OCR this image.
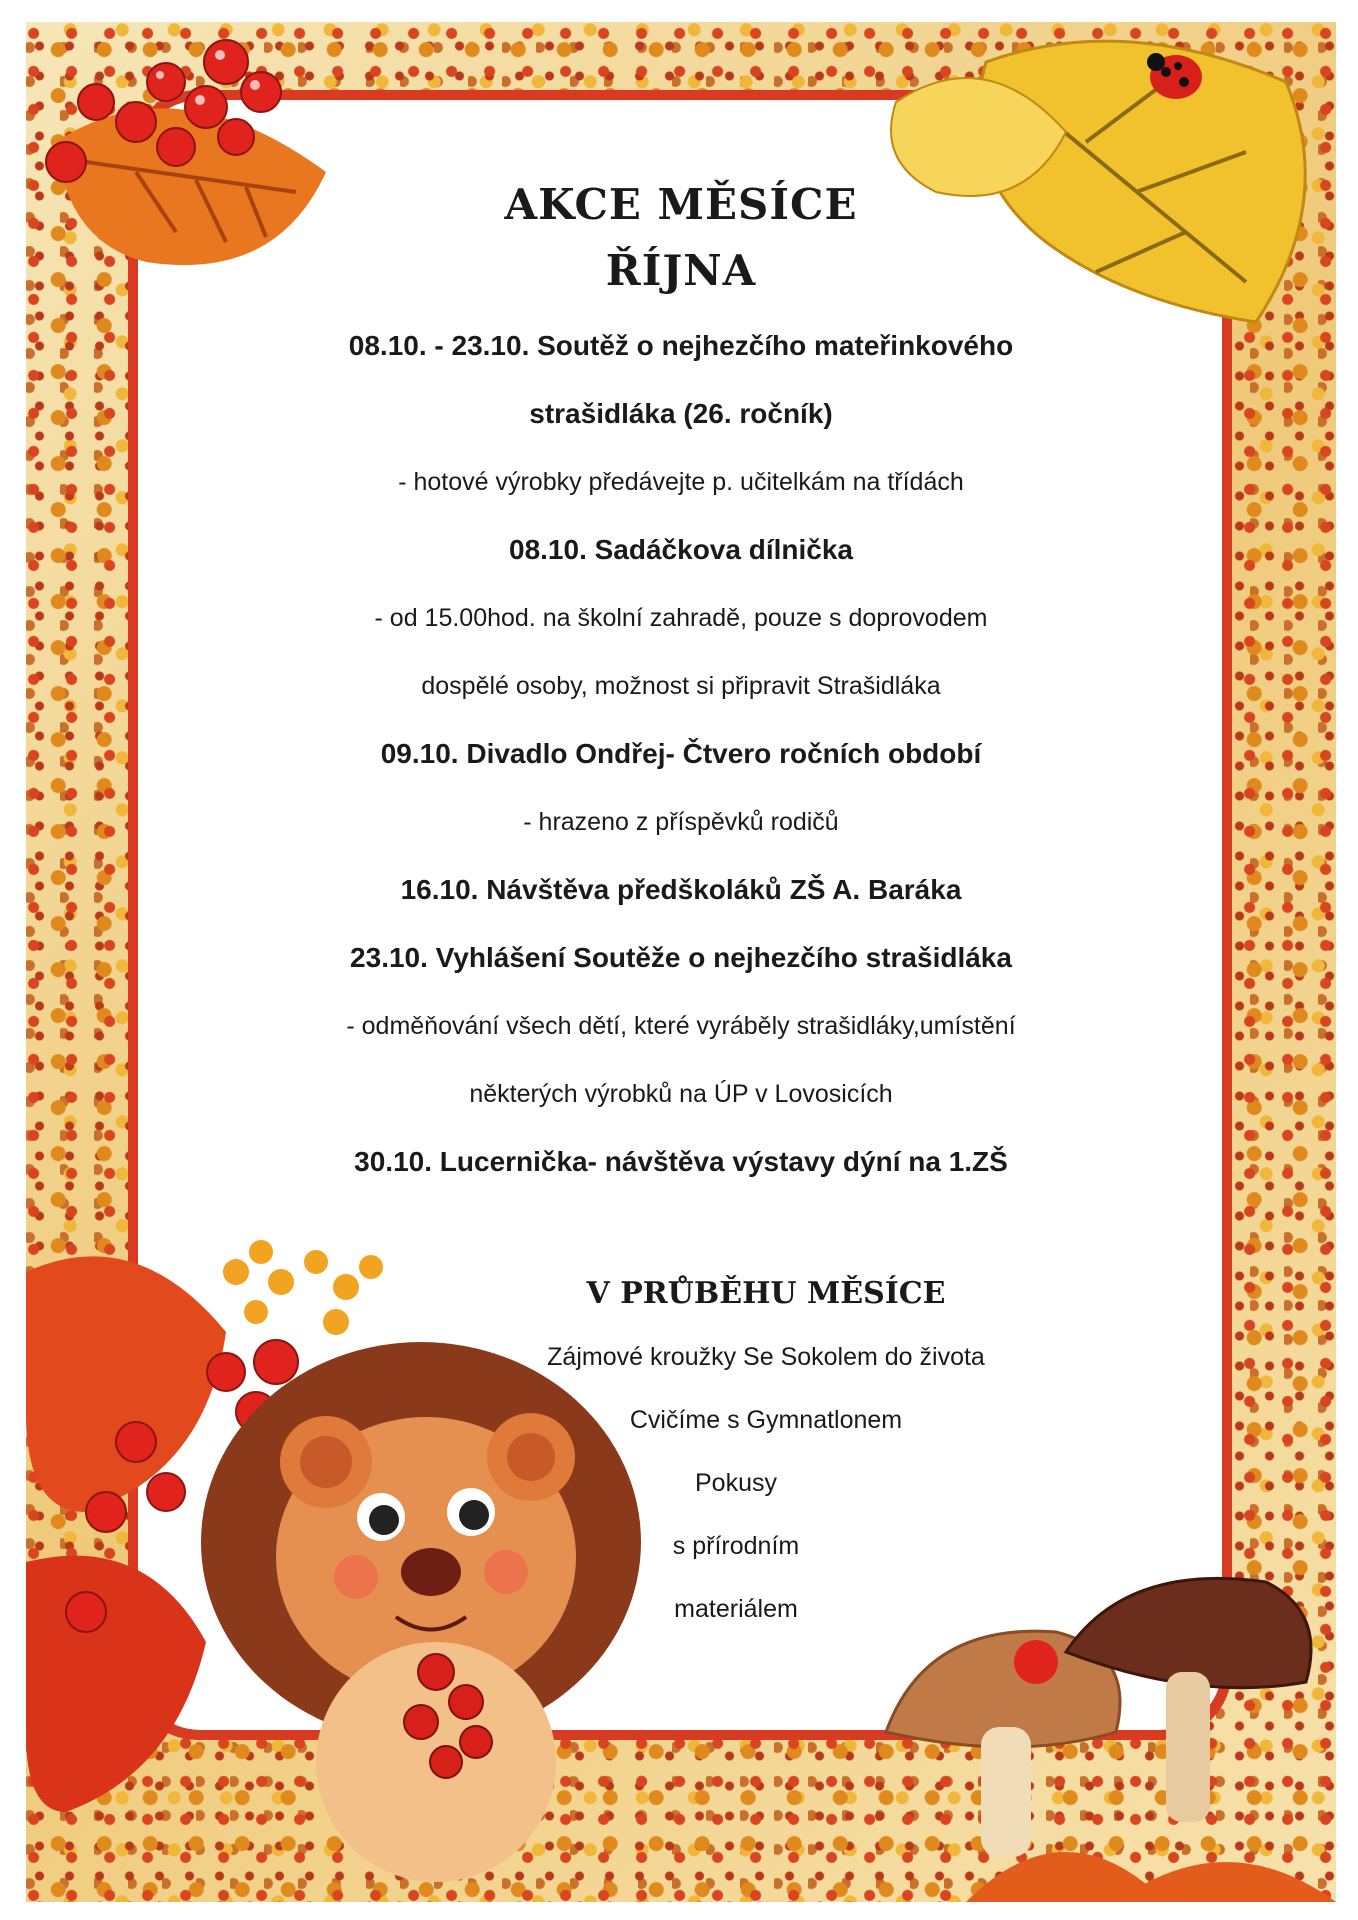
AKCE MĚSÍCE
ŘÍJNA

08.10. - 23.10. Soutěž o nejhezčího mateřinkového

strašidláka (26. ročník)

- hotové výrobky předávejte p. učitelkám na třídách

08.10. Sadáčkova dílnička

- od 15.00hod. na školní zahradě, pouze s doprovodem

dospělé osoby, možnost si připravit Strašidláka

09.10. Divadlo Ondřej- Čtvero ročních období

- hrazeno z příspěvků rodičů

16.10. Návštěva předškoláků ZŠ A. Baráka

23.10. Vyhlášení Soutěže o nejhezčího strašidláka

- odměňování všech dětí, které vyráběly strašidláky,umístění

některých výrobků na ÚP v Lovosicích

30.10. Lucernička- návštěva výstavy dýní na 1.ZŠ

V PRŮBĚHU MĚSÍCE

Zájmové kroužky Se Sokolem do života

Cvičíme s Gymnatlonem

Pokusy

s přírodním

materiálem
